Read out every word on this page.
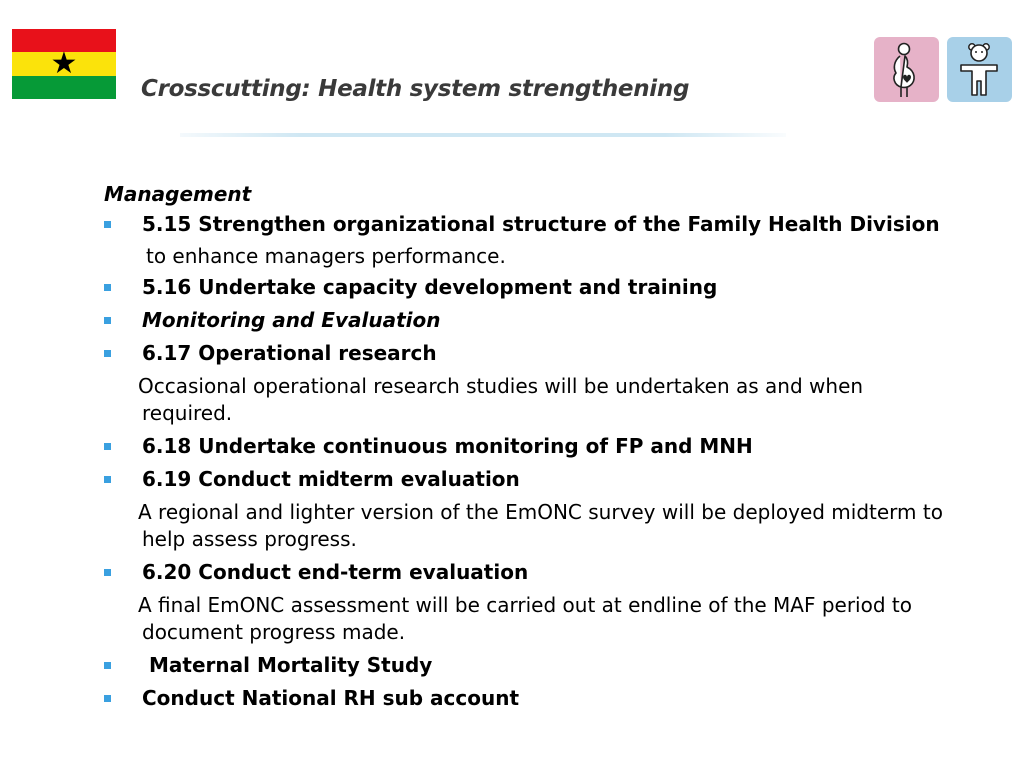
★
Crosscutting: Health system strengthening
Management
5.15 Strengthen organizational structure of the Family Health Division
to enhance managers performance.
5.16 Undertake capacity development and training
Monitoring and Evaluation
6.17 Operational research
Occasional operational research studies will be undertaken as and when
required.
6.18 Undertake continuous monitoring of FP and MNH
6.19 Conduct midterm evaluation
A regional and lighter version of the EmONC survey will be deployed midterm to
help assess progress.
6.20 Conduct end-term evaluation
A final EmONC assessment will be carried out at endline of the MAF period to
document progress made.
Maternal Mortality Study
Conduct National RH sub account
